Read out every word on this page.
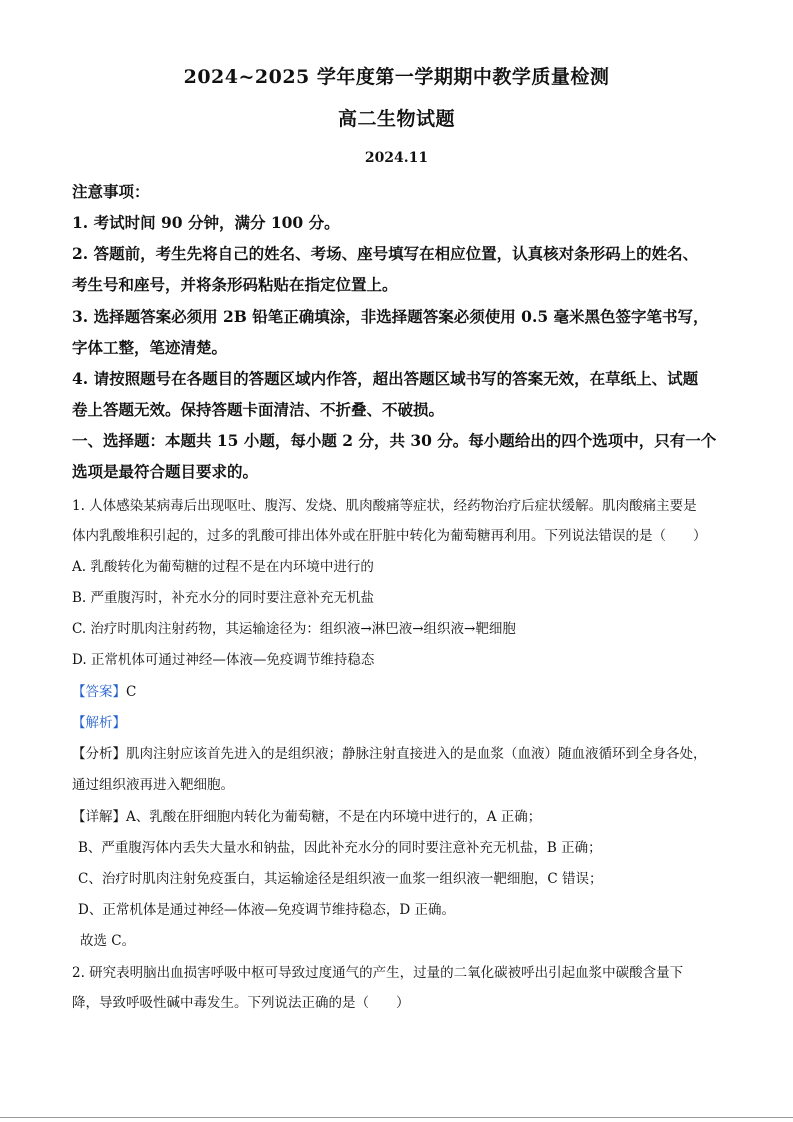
2024~2025 学年度第一学期期中教学质量检测
高二生物试题
2024.11
注意事项：
1. 考试时间 90 分钟，满分 100 分。
2. 答题前，考生先将自己的姓名、考场、座号填写在相应位置，认真核对条形码上的姓名、
考生号和座号，并将条形码粘贴在指定位置上。
3. 选择题答案必须用 2B 铅笔正确填涂，非选择题答案必须使用 0.5 毫米黑色签字笔书写，
字体工整，笔迹清楚。
4. 请按照题号在各题目的答题区域内作答，超出答题区域书写的答案无效，在草纸上、试题
卷上答题无效。保持答题卡面清洁、不折叠、不破损。
一、选择题：本题共 15 小题，每小题 2 分，共 30 分。每小题给出的四个选项中，只有一个
选项是最符合题目要求的。
1. 人体感染某病毒后出现呕吐、腹泻、发烧、肌肉酸痛等症状，经药物治疗后症状缓解。肌肉酸痛主要是
体内乳酸堆积引起的，过多的乳酸可排出体外或在肝脏中转化为葡萄糖再利用。下列说法错误的是（　　）
A. 乳酸转化为葡萄糖的过程不是在内环境中进行的
B. 严重腹泻时，补充水分的同时要注意补充无机盐
C. 治疗时肌肉注射药物，其运输途径为：组织液→淋巴液→组织液→靶细胞
D. 正常机体可通过神经—体液—免疫调节维持稳态
【答案】C
【解析】
【分析】肌肉注射应该首先进入的是组织液；静脉注射直接进入的是血浆（血液）随血液循环到全身各处，
通过组织液再进入靶细胞。
【详解】A、乳酸在肝细胞内转化为葡萄糖，不是在内环境中进行的，A 正确；
B、严重腹泻体内丢失大量水和钠盐，因此补充水分的同时要注意补充无机盐，B 正确；
C、治疗时肌肉注射免疫蛋白，其运输途径是组织液一血浆一组织液一靶细胞，C 错误；
D、正常机体是通过神经—体液—免疫调节维持稳态，D 正确。
故选 C。
2. 研究表明脑出血损害呼吸中枢可导致过度通气的产生，过量的二氧化碳被呼出引起血浆中碳酸含量下
降，导致呼吸性碱中毒发生。下列说法正确的是（　　）
